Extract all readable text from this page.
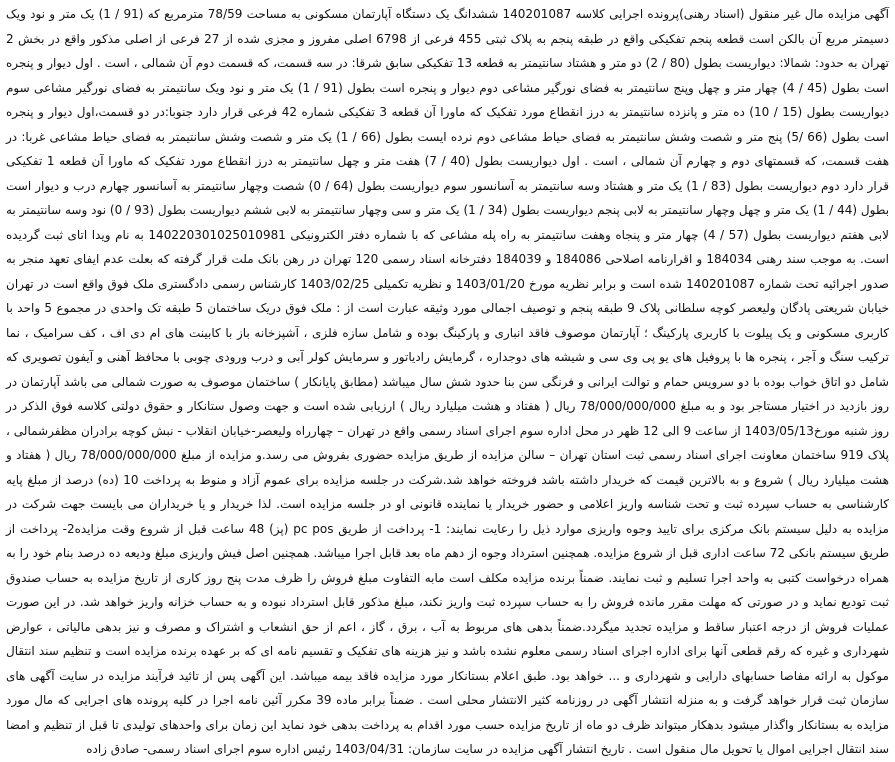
آگهی مزایده مال غیر منقول (اسناد رهنی)پرونده اجرایی کلاسه 140201087 ششدانگ یک دستگاه آپارتمان مسکونی به مساحت 78/59 مترمربع که (91 / 1) یک متر و نود ویک دسیمتر مربع آن بالکن است قطعه پنجم تفکیکی واقع در طبقه پنجم به پلاک ثبتی 455 فرعی از 6798 اصلی مفروز و مجزی شده از 27 فرعی از اصلی مذکور واقع در بخش 2 تهران به حدود: شمالا: دیواریست بطول (80 / 2) دو متر و هشتاد سانتیمتر به قطعه 13 تفکیکی سابق شرقا: در سه قسمت، که قسمت دوم آن شمالی ، است . اول دیوار و پنجره است بطول (45 / 4) چهار متر و چهل وپنج سانتیمتر به فضای نورگیر مشاعی دوم دیوار و پنجره است بطول (91 / 1) یک متر و نود ویک سانتیمتر به فضای نورگیر مشاعی سوم دیواریست بطول (15 / 10) ده متر و پانزده سانتیمتر به درز انقطاع مورد تفکیک که ماورا آن قطعه 3 تفکیکی شماره 42 فرعی قرار دارد جنوبا:در دو قسمت،اول دیوار و پنجره است بطول (66 /5) پنج متر و شصت وشش سانتیمتر به فضای حیاط مشاعی دوم نرده ایست بطول (66 / 1) یک متر و شصت وشش سانتیمتر به فضای حیاط مشاعی غربا: در هفت قسمت، که قسمتهای دوم و چهارم آن شمالی ، است . اول دیواریست بطول (40 / 7) هفت متر و چهل سانتیمتر به درز انقطاع مورد تفکیک که ماورا آن قطعه 1 تفکیکی قرار دارد دوم دیواریست بطول (83 / 1) یک متر و هشتاد وسه سانتیمتر به آسانسور سوم دیواریست بطول (64 / 0) شصت وچهار سانتیمتر به آسانسور چهارم درب و دیوار است بطول (44 / 1) یک متر و چهل وچهار سانتیمتر به لابی پنجم دیواریست بطول (34 / 1) یک متر و سی وچهار سانتیمتر به لابی ششم دیواریست بطول (93 / 0) نود وسه سانتیمتر به لابی هفتم دیواریست بطول (57 / 4) چهار متر و پنجاه وهفت سانتیمتر به راه پله مشاعی که با شماره دفتر الکترونیکی 140220301025010981 به نام ویدا اتای ثبت گردیده است. به موجب سند رهنی 184034 و اقرارنامه اصلاحی 184086 و 184039 دفترخانه اسناد رسمی 120 تهران در رهن بانک ملت قرار گرفته که بعلت عدم ایفای تعهد منجر به صدور اجرائیه تحت شماره 140201087 شده است و برابر نظریه مورخ 1403/01/20 و نظریه تکمیلی 1403/02/25 کارشناس رسمی دادگستری ملک فوق واقع است در تهران خیابان شریعتی پادگان ولیعصر کوچه سلطانی پلاک 9 طبقه پنجم و توصیف اجمالی مورد وثیقه عبارت است از : ملک فوق دریک ساختمان 5 طبقه تک واحدی در مجموع 5 واحد با کاربری مسکونی و یک پیلوت با کاربری پارکینگ ؛ آپارتمان موصوف فاقد انباری و پارکینگ بوده و شامل سازه فلزی ، آشپزخانه باز با کابینت های ام دی اف ، کف سرامیک ، نما ترکیب سنگ و آجر ، پنجره ها با پروفیل های یو پی وی سی و شیشه های دوجداره ، گرمایش رادیاتور و سرمایش کولر آبی و درب ورودی چوبی با محافظ آهنی و آیفون تصویری که شامل دو اتاق خواب بوده با دو سرویس حمام و توالت ایرانی و فرنگی سن بنا حدود شش سال میباشد (مطابق پایانکار ) ساختمان موصوف به صورت شمالی می باشد آپارتمان در روز بازدید در اختیار مستاجر بود و به مبلغ 78/000/000/000 ریال ( هفتاد و هشت میلیارد ریال ) ارزیابی شده است و جهت وصول ستانکار و حقوق دولتی کلاسه فوق الذکر در روز شنبه مورخ1403/05/13 از ساعت 9 الی 12 ظهر در محل اداره سوم اجرای اسناد رسمی واقع در تهران – چهارراه ولیعصر-خیابان انقلاب - نبش کوچه برادران مظفرشمالی ، پلاک 919 ساختمان معاونت اجرای اسناد رسمی ثبت استان تهران – سالن مزایده از طریق مزایده حضوری بفروش می رسد.و مزایده از مبلغ 78/000/000/000 ریال ( هفتاد و هشت میلیارد ریال ) شروع و به بالاترین قیمت که خریدار داشته باشد فروخته خواهد شد.شرکت در جلسه مزایده برای عموم آزاد و منوط به پرداخت 10 (ده) درصد از مبلغ پایه کارشناسی به حساب سپرده ثبت و تحت شناسه واریز اعلامی و حضور خریدار یا نماینده قانونی او در جلسه مزایده است. لذا خریدار و یا خریداران می بایست جهت شرکت در مزایده به دلیل سیستم بانک مرکزی برای تایید وجوه واریزی موارد ذیل را رعایت نمایند: 1- پرداخت از طریق pc pos (پز) 48 ساعت قبل از شروع وقت مزایده2- پرداخت از طریق سیستم بانکی 72 ساعت اداری قبل از شروع مزایده. همچنین استرداد وجوه از دهم ماه بعد قابل اجرا میباشد. همچنین اصل فیش واریزی مبلغ ودیعه ده درصد بنام خود را به همراه درخواست کتبی به واحد اجرا تسلیم و ثبت نمایند. ضمناً برنده مزایده مکلف است مابه التفاوت مبلغ فروش را ظرف مدت پنج روز کاری از تاریخ مزایده به حساب صندوق ثبت تودیع نماید و در صورتی که مهلت مقرر مانده فروش را به حساب سپرده ثبت واریز نکند، مبلغ مذکور قابل استرداد نبوده و به حساب خزانه واریز خواهد شد. در این صورت عملیات فروش از درجه اعتبار ساقط و مزایده تجدید میگردد.ضمناً بدهی های مربوط به آب ، برق ، گاز ، اعم از حق انشعاب و اشتراک و مصرف و نیز بدهی مالیاتی ، عوارض شهرداری و غیره که رقم قطعی آنها برای اداره اجرای اسناد رسمی معلوم نشده باشد و نیز هزینه های تفکیک و تقسیم نامه ای که بر عهده برنده مزایده است و تنظیم سند انتقال موکول به ارائه مفاصا حسابهای دارایی و شهرداری و ... خواهد بود. طبق اعلام بستانکار مورد مزایده فاقد بیمه میباشد. این آگهی پس از تائید فرآیند مزایده در سایت آگهی های سازمان ثبت قرار خواهد گرفت و به منزله انتشار آگهی در روزنامه کثیر الانتشار محلی است . ضمناً برابر ماده 39 مکرر آئین نامه اجرا در کلیه پرونده های اجرایی که مال مورد مزایده به بستانکار واگذار میشود بدهکار میتواند ظرف دو ماه از تاریخ مزایده حسب مورد اقدام به پرداخت بدهی خود نماید این زمان برای واحدهای تولیدی تا قبل از تنظیم و امضا سند انتقال اجرایی اموال یا تحویل مال منقول است . تاریخ انتشار آگهی مزایده در سایت سازمان: 1403/04/31 رئیس اداره سوم اجرای اسناد رسمی- صادق زاده
